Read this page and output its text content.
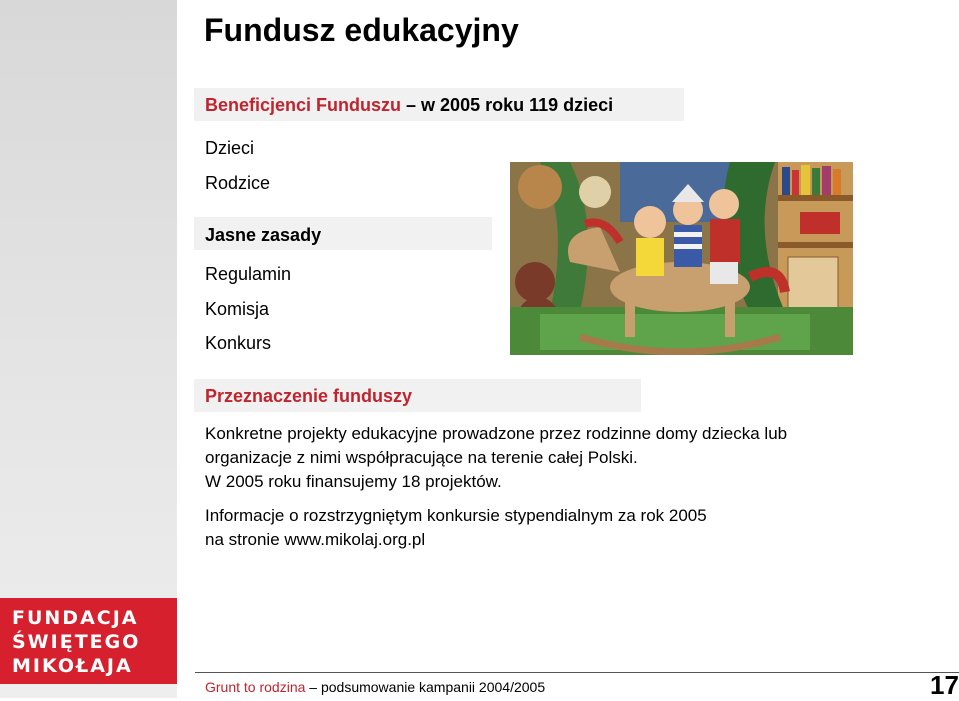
FUNDACJA
ŚWIĘTEGO
MIKOŁAJA
Fundusz edukacyjny
Beneficjenci Funduszu – w 2005 roku 119 dzieci
Dzieci
Rodzice
Jasne zasady
Regulamin
Komisja
Konkurs
Przeznaczenie funduszy
Konkretne projekty edukacyjne prowadzone przez rodzinne domy dziecka lub
organizacje z nimi współpracujące na terenie całej Polski.
W 2005 roku finansujemy 18 projektów.
Informacje o rozstrzygniętym konkursie stypendialnym za rok 2005
na stronie www.mikolaj.org.pl
Grunt to rodzina – podsumowanie kampanii 2004/2005	17
